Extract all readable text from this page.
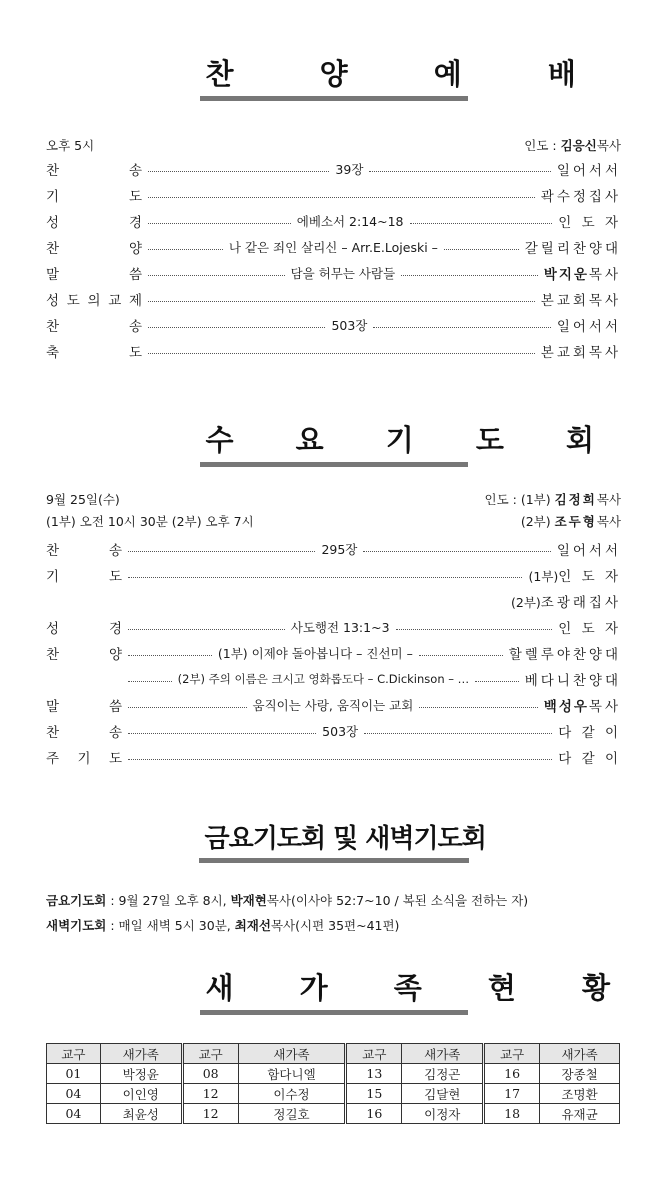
찬 양 예 배
오후 5시	인도 : 김응신목사
찬	송	39장	일어서서
기	도	곽수정집사
성	경	에베소서 2:14~18	인 도 자
찬	양	나 같은 죄인 살리신 – Arr.E.Lojeski –	갈릴리찬양대
말	씀	담을 허무는 사람들	박지운목사
성 도 의 교 제	본교회목사
찬	송	503장	일어서서
축	도	본교회목사
수 요 기 도 회
9월 25일(수)	인도 : (1부) 김정희목사
(1부) 오전 10시 30분 (2부) 오후 7시	(2부) 조두형목사
찬	송	295장	일어서서
기	도	(1부)인 도 자
(2부)조광래집사
성	경	사도행전 13:1~3	인 도 자
찬	양	(1부) 이제야 돌아봅니다 – 진선미 –	할렐루야찬양대
(2부) 주의 이름은 크시고 영화롭도다 – C.Dickinson – …	베다니찬양대
말	씀	움직이는 사랑, 움직이는 교회	백성우목사
찬	송	503장	다 같 이
주 기 도	다 같 이
금요기도회 및 새벽기도회
금요기도회 : 9월 27일 오후 8시, 박재현목사(이사야 52:7~10 / 복된 소식을 전하는 자)
새벽기도회 : 매일 새벽 5시 30분, 최재선목사(시편 35편~41편)
새 가 족 현 황
교구	새가족	교구	새가족	교구	새가족	교구	새가족
01	박정윤	08	함다니엘	13	김정곤	16	장종철
04	이인영	12	이수정	15	김달현	17	조명환
04	최윤성	12	정길호	16	이정자	18	유재균
